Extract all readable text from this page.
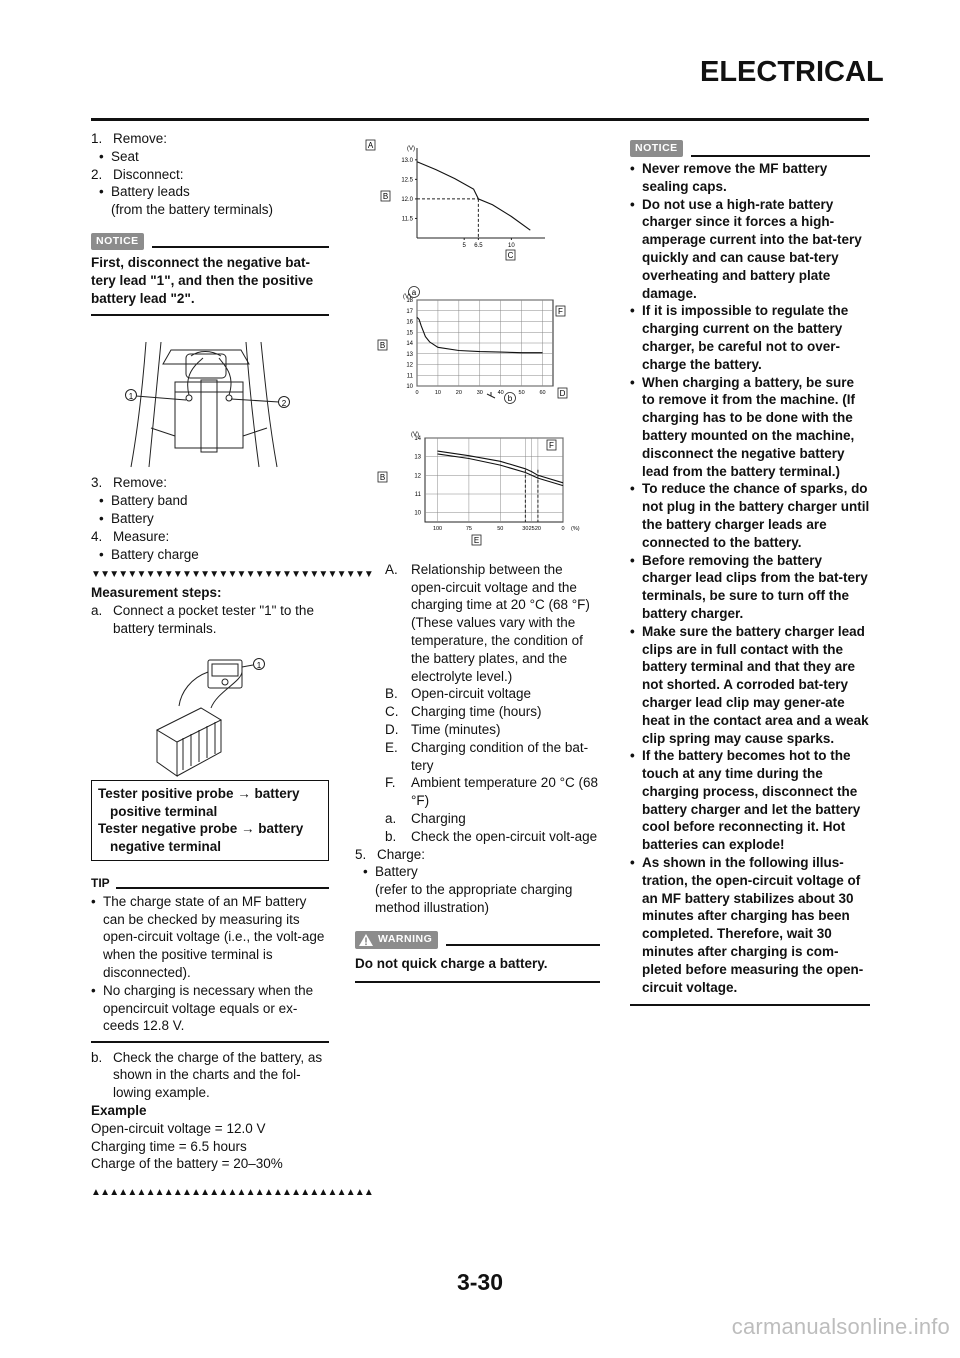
ELECTRICAL
1. Remove:
• Seat
2. Disconnect:
• Battery leads
(from the battery terminals)
NOTICE
First, disconnect the negative bat-tery lead "1", and then the positive battery lead "2".
1
2
3. Remove:
• Battery band
• Battery
4. Measure:
• Battery charge
▼▼▼▼▼▼▼▼▼▼▼▼▼▼▼▼▼▼▼▼▼▼▼▼▼▼▼▼▼▼▼
Measurement steps:
a. Connect a pocket tester "1" to the battery terminals.
1
Tester positive probe → battery positive terminal
Tester negative probe → battery negative terminal
TIP
• The charge state of an MF battery can be checked by measuring its open-circuit voltage (i.e., the volt-age when the positive terminal is disconnected).
• No charging is necessary when the opencircuit voltage equals or ex-ceeds 12.8 V.
b. Check the charge of the battery, as shown in the charts and the fol-lowing example.
Example
Open-circuit voltage = 12.0 V
Charging time = 6.5 hours
Charge of the battery = 20–30%
▲▲▲▲▲▲▲▲▲▲▲▲▲▲▲▲▲▲▲▲▲▲▲▲▲▲▲▲▲▲▲
A
B
(V)
13.0
12.5
12.0
11.5
5 6.5	10
C
18
17
16
15
14
13
12
11
10
0	10	20	30	40	50	60
(V)
B
F
D
a
b
14
13
12
11
10
100	75	50	30 25 20	0
(V)
B
F
E
(%)
A. Relationship between the open-circuit voltage and the charging time at 20 °C (68 °F) (These values vary with the temperature, the condition of the battery plates, and the electrolyte level.)
B. Open-circuit voltage
C. Charging time (hours)
D. Time (minutes)
E. Charging condition of the bat-tery
F.	Ambient temperature 20 °C (68 °F)
a.	Charging
b.	Check the open-circuit volt-age
5. Charge:
• Battery
(refer to the appropriate charging method illustration)
WARNING
Do not quick charge a battery.
NOTICE
• Never remove the MF battery sealing caps.
• Do not use a high-rate battery charger since it forces a high-amperage current into the bat-tery quickly and can cause bat-tery overheating and battery plate damage.
• If it is impossible to regulate the charging current on the battery charger, be careful not to over-charge the battery.
• When charging a battery, be sure to remove it from the machine. (If charging has to be done with the battery mounted on the machine, disconnect the negative battery lead from the battery terminal.)
• To reduce the chance of sparks, do not plug in the battery charger until the battery charger leads are connected to the battery.
• Before removing the battery charger lead clips from the bat-tery terminals, be sure to turn off the battery charger.
• Make sure the battery charger lead clips are in full contact with the battery terminal and that they are not shorted. A corroded bat-tery charger lead clip may gener-ate heat in the contact area and a weak clip spring may cause sparks.
• If the battery becomes hot to the touch at any time during the charging process, disconnect the battery charger and let the battery cool before reconnecting it. Hot batteries can explode!
• As shown in the following illus-tration, the open-circuit voltage of an MF battery stabilizes about 30 minutes after charging has been completed. Therefore, wait 30 minutes after charging is com-pleted before measuring the open-circuit voltage.
3-30
carmanualsonline.info
